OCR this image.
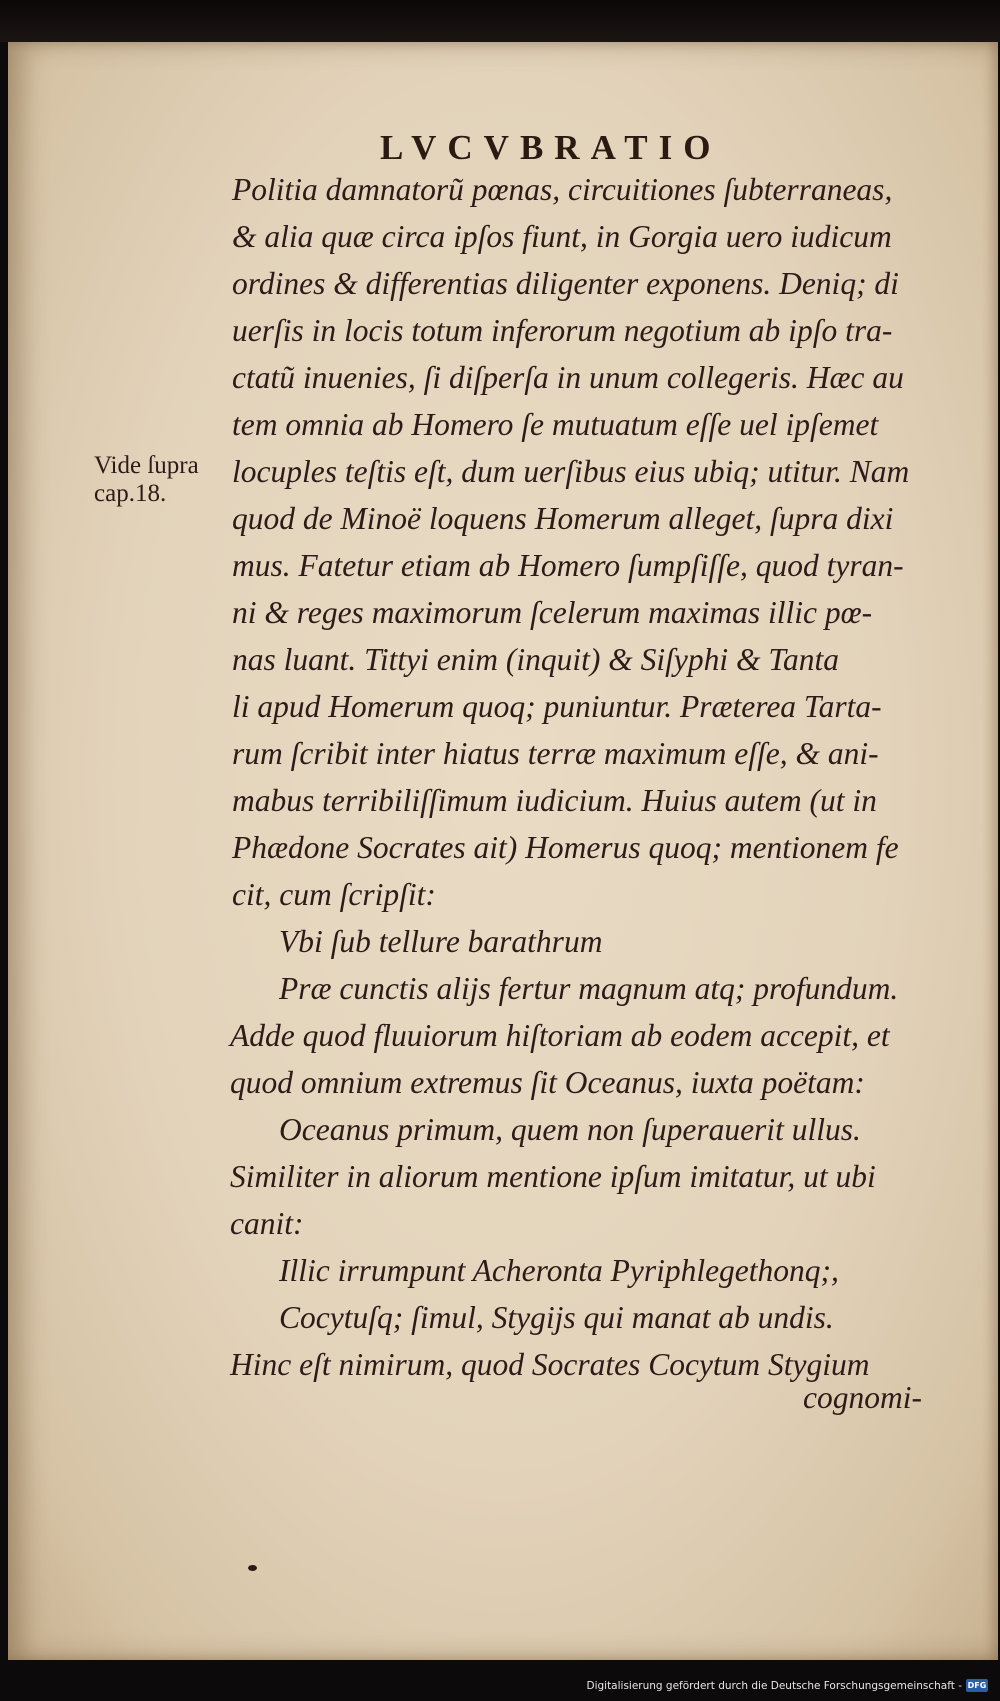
LVCVBRATIO
Vide ſupra
cap.18.
Politia damnatorũ pœnas, circuitiones ſubterraneas,
& alia quæ circa ipſos fiunt, in Gorgia uero iudicum
ordines & differentias diligenter exponens. Deniq; di
uerſis in locis totum inferorum negotium ab ipſo tra-
ctatũ inuenies, ſi diſperſa in unum collegeris. Hæc au
tem omnia ab Homero ſe mutuatum eſſe uel ipſemet
locuples teſtis eſt, dum uerſibus eius ubiq; utitur. Nam
quod de Minoë loquens Homerum alleget, ſupra dixi
mus. Fatetur etiam ab Homero ſumpſiſſe, quod tyran-
ni & reges maximorum ſcelerum maximas illic pœ-
nas luant. Tittyi enim (inquit) & Siſyphi & Tanta
li apud Homerum quoq; puniuntur. Præterea Tarta-
rum ſcribit inter hiatus terræ maximum eſſe, & ani-
mabus terribiliſſimum iudicium. Huius autem (ut in
Phædone Socrates ait) Homerus quoq; mentionem fe
cit, cum ſcripſit:
Vbi ſub tellure barathrum
Præ cunctis alijs fertur magnum atq; profundum.
Adde quod fluuiorum hiſtoriam ab eodem accepit, et
quod omnium extremus ſit Oceanus, iuxta poëtam:
Oceanus primum, quem non ſuperauerit ullus.
Similiter in aliorum mentione ipſum imitatur, ut ubi
canit:
Illic irrumpunt Acheronta Pyriphlegethonq;,
Cocytuſq; ſimul, Stygijs qui manat ab undis.
Hinc eſt nimirum, quod Socrates Cocytum Stygium
cognomi-
Digitalisierung gefördert durch die Deutsche Forschungsgemeinschaft - DFG
